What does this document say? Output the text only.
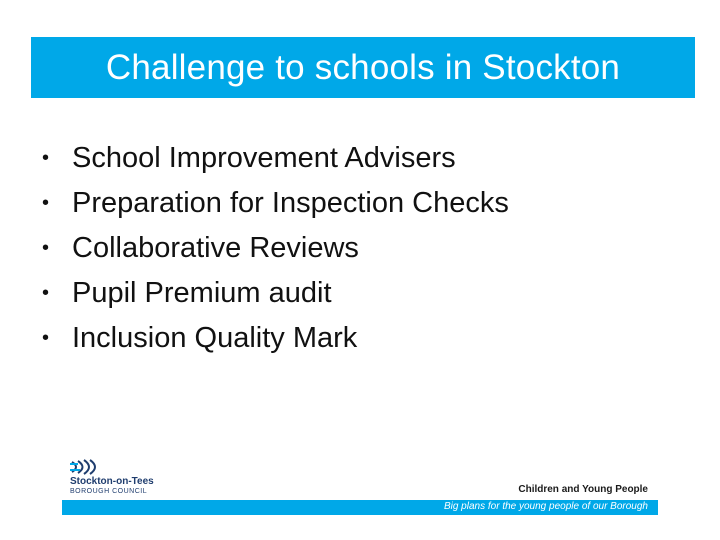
Challenge to schools in Stockton
• School Improvement Advisers
• Preparation for Inspection Checks
• Collaborative Reviews
• Pupil Premium audit
• Inclusion Quality Mark
Stockton-on-Tees
BOROUGH COUNCIL	Children and Young People
Big plans for the young people of our Borough
